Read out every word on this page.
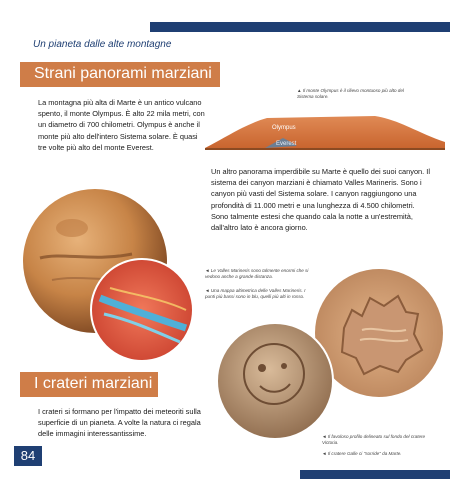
Un pianeta dalle alte montagne
Strani panorami marziani
La montagna più alta di Marte è un antico vulcano spento, il monte Olympus. È alto 22 mila metri, con un diametro di 700 chilometri. Olympus è anche il monte più alto dell'intero Sistema solare. È quasi tre volte più alto del monte Everest.
▲ Il monte Olympus è il rilievo montuoso più alto del Sistema solare.
Olympus
Everest
Un altro panorama imperdibile su Marte è quello dei suoi canyon. Il sistema dei canyon marziani è chiamato Valles Marineris. Sono i canyon più vasti del Sistema solare. I canyon raggiungono una profondità di 11.000 metri e una lunghezza di 4.500 chilometri. Sono talmente estesi che quando cala la notte a un'estremità, dall'altro lato è ancora giorno.
◄ Le Valles Marineris sono talmente enormi che si vedono anche a grande distanza.
◄ Una mappa altimetrica delle Valles Marineris. I punti più bassi sono in blu, quelli più alti in rosso.
I crateri marziani
I crateri si formano per l'impatto dei meteoriti sulla superficie di un pianeta. A volte la natura ci regala delle immagini interessantissime.	◄ Il favoloso profilo delineato sul fondo del cratere Victoria.
◄ Il cratere Galle ci "sorride" da Marte.
84
